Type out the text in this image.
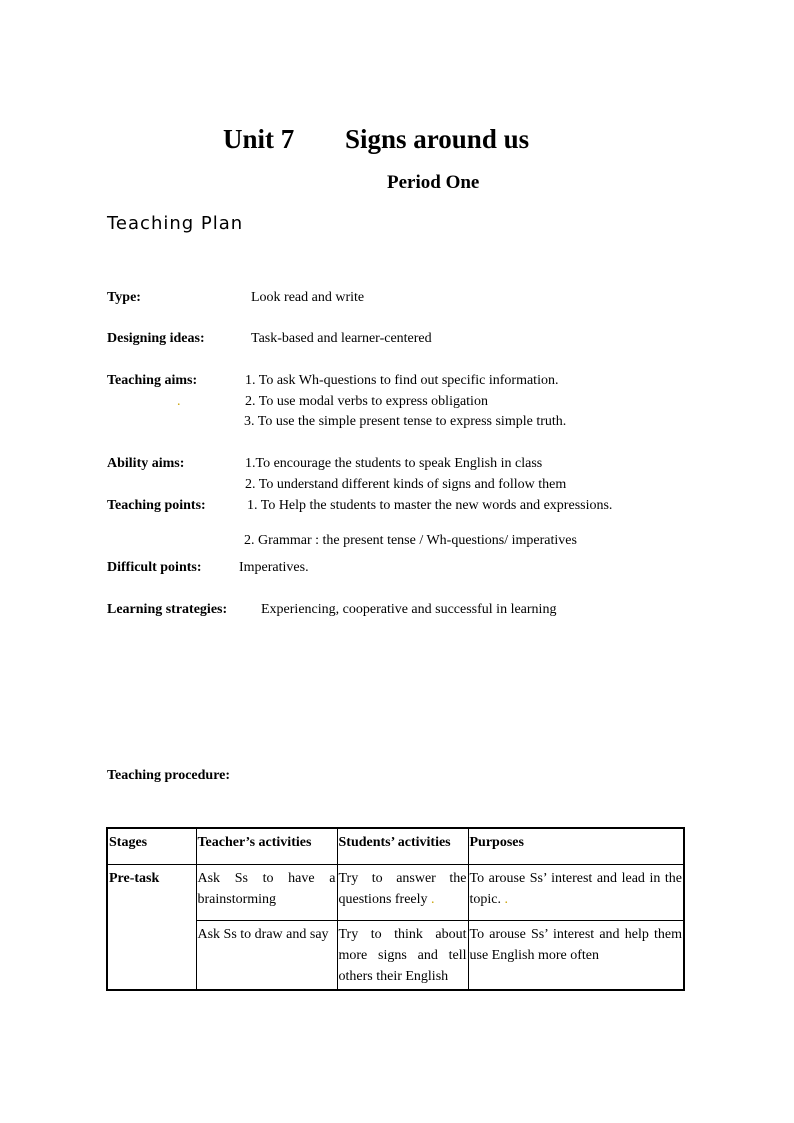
Unit 7 Signs around us
Period One
Teaching Plan
Type:	Look read and write
Designing ideas:	Task-based and learner-centered
Teaching aims:	1. To ask Wh-questions to find out specific information.
.	2. To use modal verbs to express obligation
3. To use the simple present tense to express simple truth.
Ability aims:	1.To encourage the students to speak English in class
2. To understand different kinds of signs and follow them
Teaching points:	1. To Help the students to master the new words and expressions.
2. Grammar : the present tense / Wh-questions/ imperatives
Difficult points:	Imperatives.
Learning strategies: Experiencing, cooperative and successful in learning
Teaching procedure:
Stages	Teacher’s activities	Students’ activities	Purposes
Pre-task	Ask Ss to have a brainstorming	Try to answer the questions freely .	To arouse Ss’ interest and lead in the topic. .
	Ask Ss to draw and say	Try to think about more signs and tell others their English	To arouse Ss’ interest and help them use English more often
